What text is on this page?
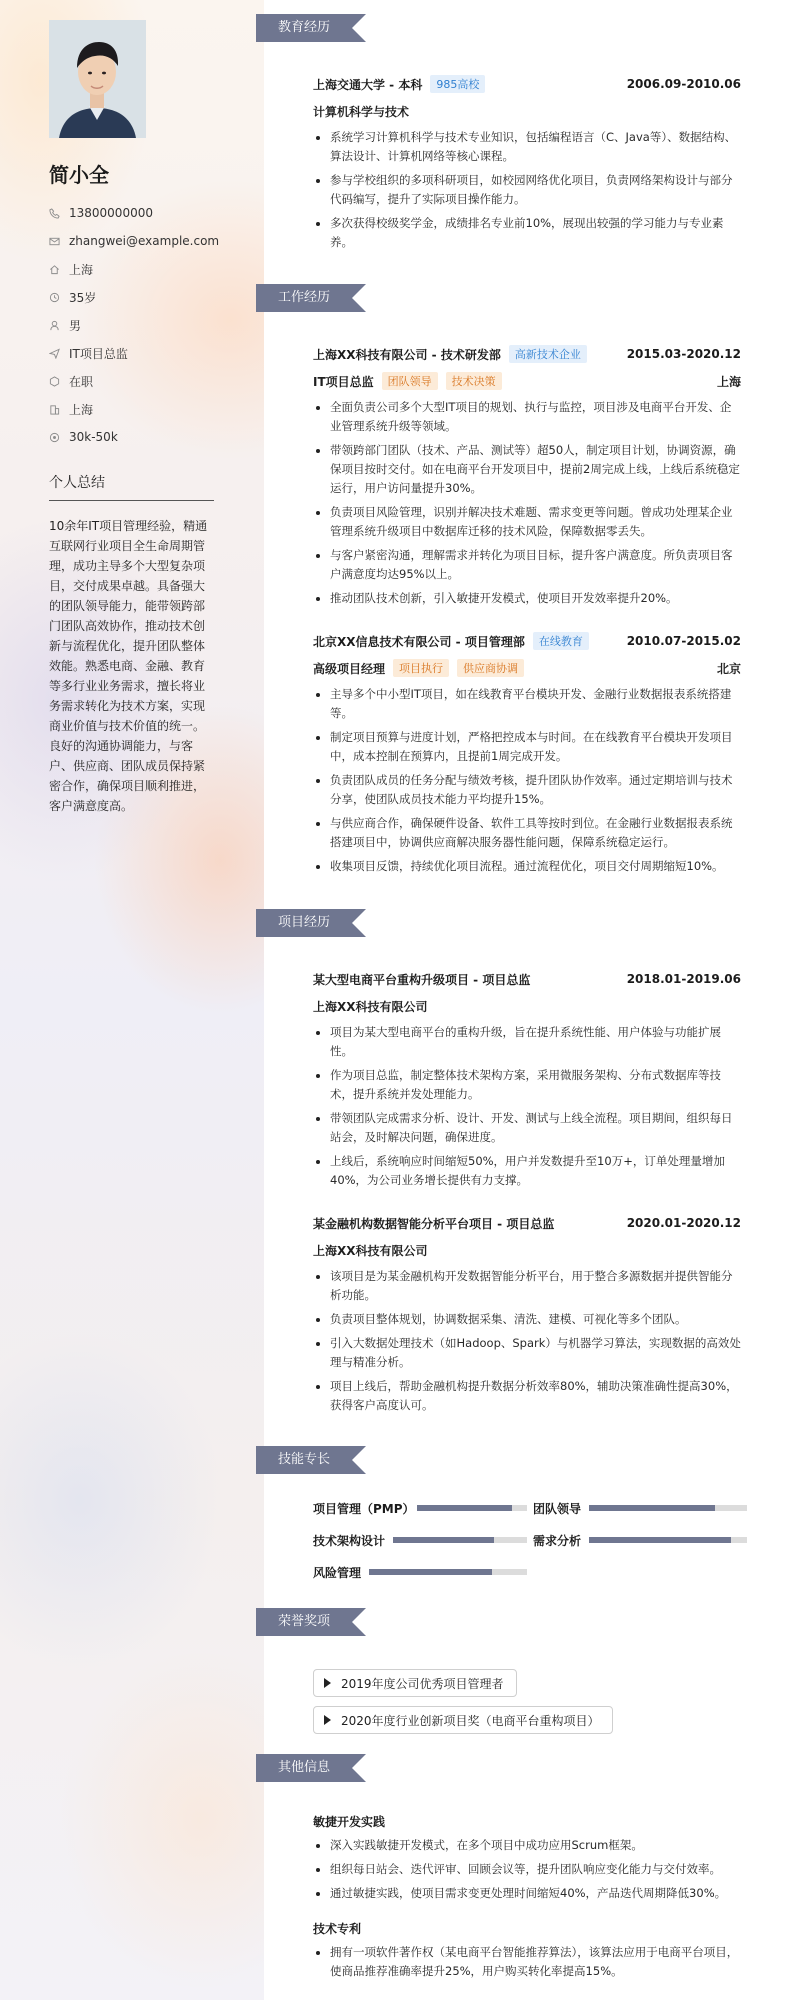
简小全
13800000000
zhangwei@example.com
上海
35岁
男
IT项目总监
在职
上海
30k-50k
个人总结
10余年IT项目管理经验，精通互联网行业项目全生命周期管理，成功主导多个大型复杂项目，交付成果卓越。具备强大的团队领导能力，能带领跨部门团队高效协作，推动技术创新与流程优化，提升团队整体效能。熟悉电商、金融、教育等多行业业务需求，擅长将业务需求转化为技术方案，实现商业价值与技术价值的统一。良好的沟通协调能力，与客户、供应商、团队成员保持紧密合作，确保项目顺利推进，客户满意度高。
教育经历
上海交通大学 - 本科	985高校	2006.09-2010.06
计算机科学与技术
系统学习计算机科学与技术专业知识，包括编程语言（C、Java等）、数据结构、算法设计、计算机网络等核心课程。
参与学校组织的多项科研项目，如校园网络优化项目，负责网络架构设计与部分代码编写，提升了实际项目操作能力。
多次获得校级奖学金，成绩排名专业前10%，展现出较强的学习能力与专业素养。
工作经历
上海XX科技有限公司 - 技术研发部	高新技术企业	2015.03-2020.12
IT项目总监	团队领导	技术决策	上海
全面负责公司多个大型IT项目的规划、执行与监控，项目涉及电商平台开发、企业管理系统升级等领域。
带领跨部门团队（技术、产品、测试等）超50人，制定项目计划，协调资源，确保项目按时交付。如在电商平台开发项目中，提前2周完成上线，上线后系统稳定运行，用户访问量提升30%。
负责项目风险管理，识别并解决技术难题、需求变更等问题。曾成功处理某企业管理系统升级项目中数据库迁移的技术风险，保障数据零丢失。
与客户紧密沟通，理解需求并转化为项目目标，提升客户满意度。所负责项目客户满意度均达95%以上。
推动团队技术创新，引入敏捷开发模式，使项目开发效率提升20%。
北京XX信息技术有限公司 - 项目管理部	在线教育	2010.07-2015.02
高级项目经理	项目执行	供应商协调	北京
主导多个中小型IT项目，如在线教育平台模块开发、金融行业数据报表系统搭建等。
制定项目预算与进度计划，严格把控成本与时间。在在线教育平台模块开发项目中，成本控制在预算内，且提前1周完成开发。
负责团队成员的任务分配与绩效考核，提升团队协作效率。通过定期培训与技术分享，使团队成员技术能力平均提升15%。
与供应商合作，确保硬件设备、软件工具等按时到位。在金融行业数据报表系统搭建项目中，协调供应商解决服务器性能问题，保障系统稳定运行。
收集项目反馈，持续优化项目流程。通过流程优化，项目交付周期缩短10%。
项目经历
某大型电商平台重构升级项目 - 项目总监	2018.01-2019.06
上海XX科技有限公司
项目为某大型电商平台的重构升级，旨在提升系统性能、用户体验与功能扩展性。
作为项目总监，制定整体技术架构方案，采用微服务架构、分布式数据库等技术，提升系统并发处理能力。
带领团队完成需求分析、设计、开发、测试与上线全流程。项目期间，组织每日站会，及时解决问题，确保进度。
上线后，系统响应时间缩短50%，用户并发数提升至10万+，订单处理量增加40%，为公司业务增长提供有力支撑。
某金融机构数据智能分析平台项目 - 项目总监	2020.01-2020.12
上海XX科技有限公司
该项目是为某金融机构开发数据智能分析平台，用于整合多源数据并提供智能分析功能。
负责项目整体规划，协调数据采集、清洗、建模、可视化等多个团队。
引入大数据处理技术（如Hadoop、Spark）与机器学习算法，实现数据的高效处理与精准分析。
项目上线后，帮助金融机构提升数据分析效率80%，辅助决策准确性提高30%，获得客户高度认可。
技能专长
项目管理（PMP）	团队领导
技术架构设计	需求分析
风险管理
荣誉奖项
2019年度公司优秀项目管理者
2020年度行业创新项目奖（电商平台重构项目）
其他信息
敏捷开发实践
深入实践敏捷开发模式，在多个项目中成功应用Scrum框架。
组织每日站会、迭代评审、回顾会议等，提升团队响应变化能力与交付效率。
通过敏捷实践，使项目需求变更处理时间缩短40%，产品迭代周期降低30%。
技术专利
拥有一项软件著作权（某电商平台智能推荐算法），该算法应用于电商平台项目，使商品推荐准确率提升25%，用户购买转化率提高15%。
